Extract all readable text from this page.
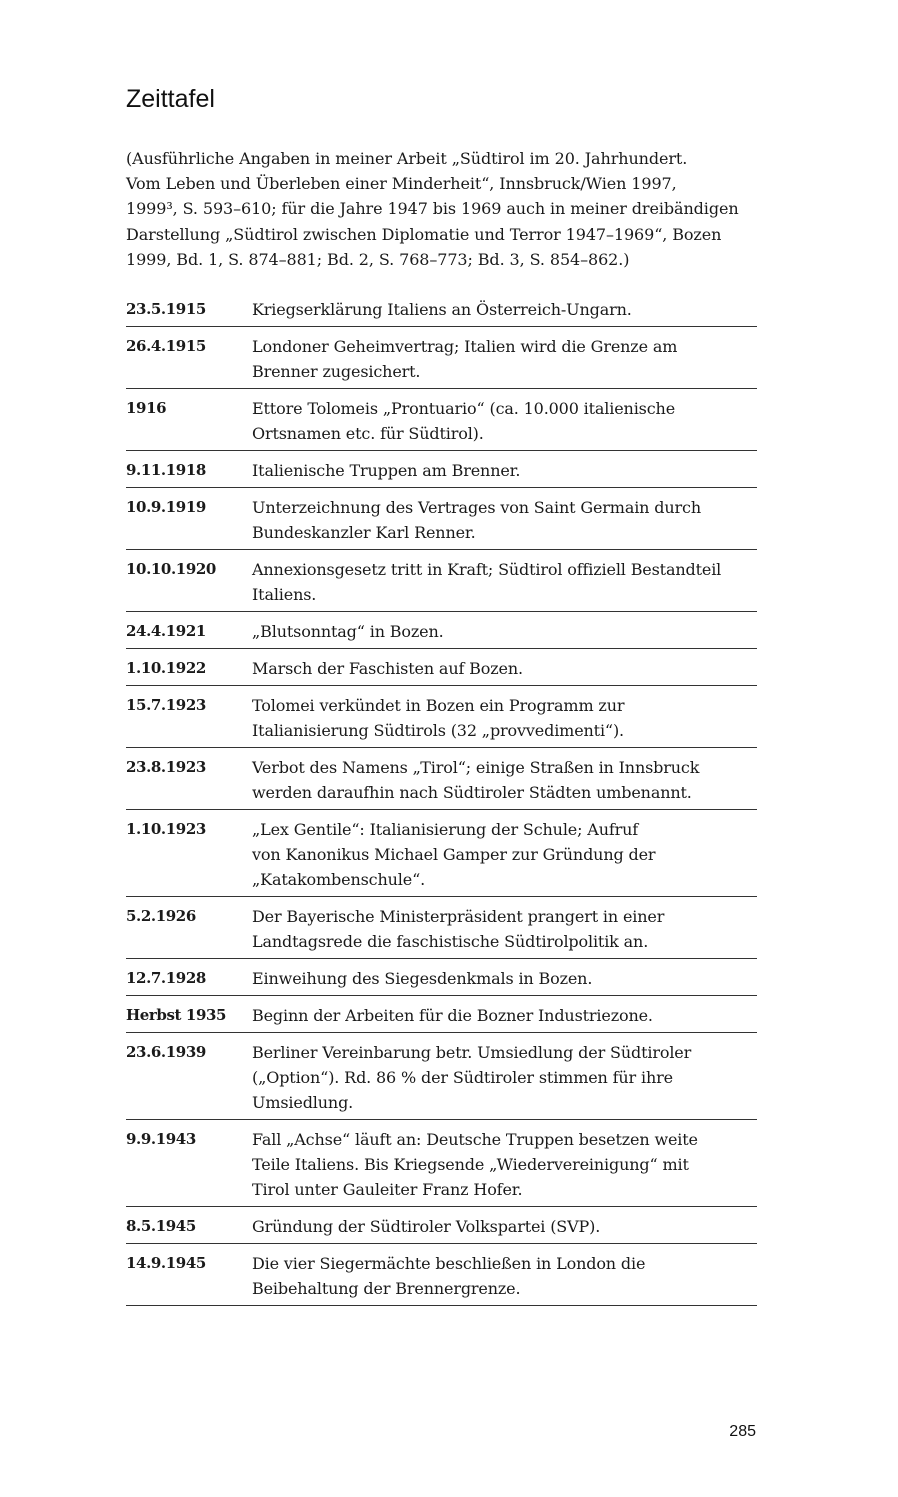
Zeittafel

(Ausführliche Angaben in meiner Arbeit „Südtirol im 20. Jahrhundert.
Vom Leben und Überleben einer Minderheit“, Innsbruck/Wien 1997,
1999³, S. 593–610; für die Jahre 1947 bis 1969 auch in meiner dreibändigen
Darstellung „Südtirol zwischen Diplomatie und Terror 1947–1969“, Bozen
1999, Bd. 1, S. 874–881; Bd. 2, S. 768–773; Bd. 3, S. 854–862.)

23.5.1915	Kriegserklärung Italiens an Österreich-Ungarn.
26.4.1915	Londoner Geheimvertrag; Italien wird die Grenze am
Brenner zugesichert.
1916	Ettore Tolomeis „Prontuario“ (ca. 10.000 italienische
Ortsnamen etc. für Südtirol).
9.11.1918	Italienische Truppen am Brenner.
10.9.1919	Unterzeichnung des Vertrages von Saint Germain durch
Bundeskanzler Karl Renner.
10.10.1920	Annexionsgesetz tritt in Kraft; Südtirol offiziell Bestandteil
Italiens.
24.4.1921	„Blutsonntag“ in Bozen.
1.10.1922	Marsch der Faschisten auf Bozen.
15.7.1923	Tolomei verkündet in Bozen ein Programm zur
Italianisierung Südtirols (32 „provvedimenti“).
23.8.1923	Verbot des Namens „Tirol“; einige Straßen in Innsbruck
werden daraufhin nach Südtiroler Städten umbenannt.
1.10.1923	„Lex Gentile“: Italianisierung der Schule; Aufruf
von Kanonikus Michael Gamper zur Gründung der
„Katakombenschule“.
5.2.1926	Der Bayerische Ministerpräsident prangert in einer
Landtagsrede die faschistische Südtirolpolitik an.
12.7.1928	Einweihung des Siegesdenkmals in Bozen.
Herbst 1935	Beginn der Arbeiten für die Bozner Industriezone.
23.6.1939	Berliner Vereinbarung betr. Umsiedlung der Südtiroler
(„Option“). Rd. 86 % der Südtiroler stimmen für ihre
Umsiedlung.
9.9.1943	Fall „Achse“ läuft an: Deutsche Truppen besetzen weite
Teile Italiens. Bis Kriegsende „Wiedervereinigung“ mit
Tirol unter Gauleiter Franz Hofer.
8.5.1945	Gründung der Südtiroler Volkspartei (SVP).
14.9.1945	Die vier Siegermächte beschließen in London die
Beibehaltung der Brennergrenze.
285
